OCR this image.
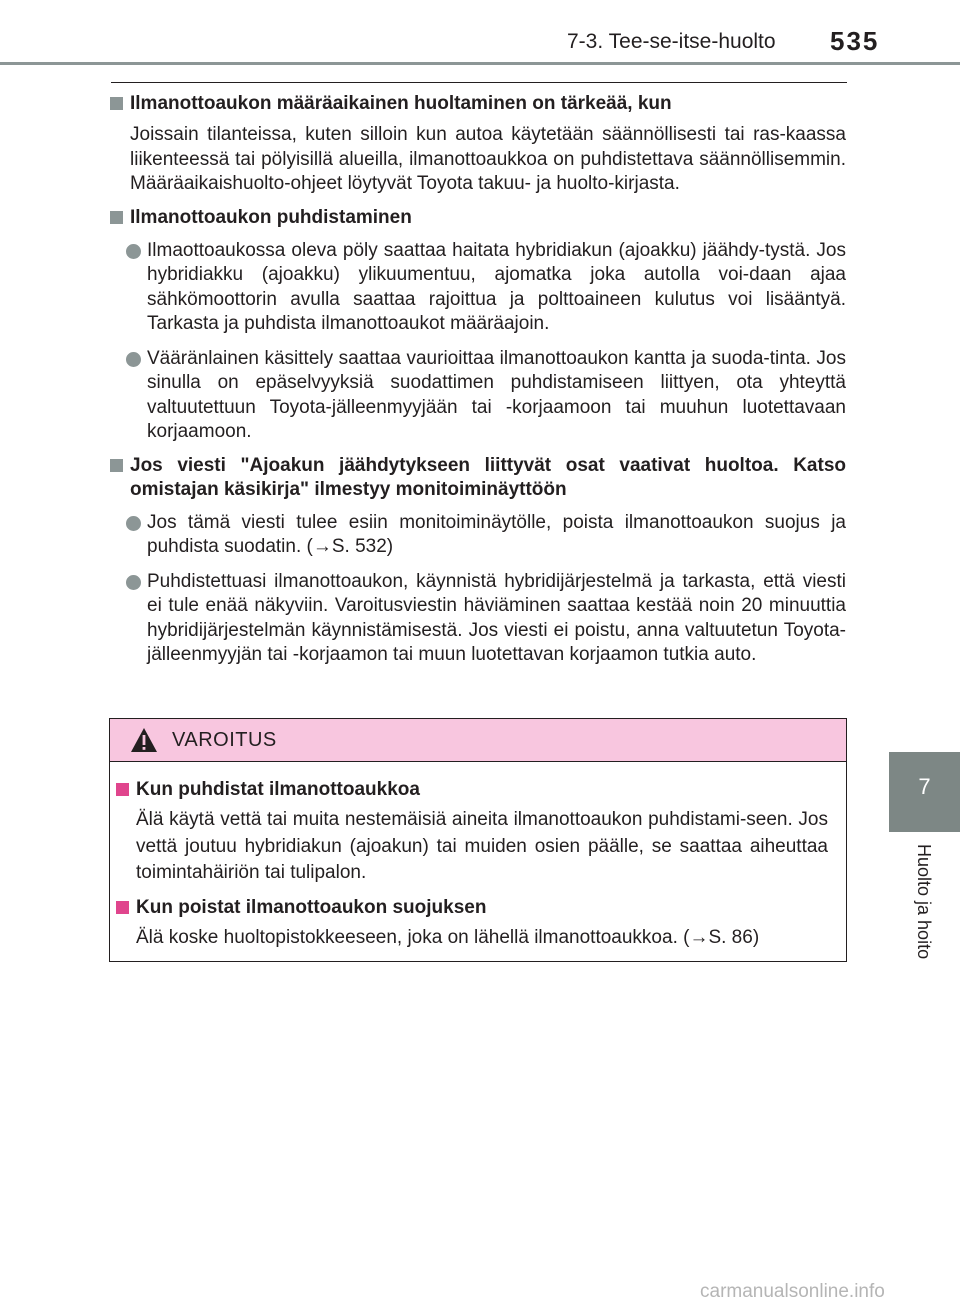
7-3. Tee-se-itse-huolto 535
7
Huolto ja hoito
Ilmanottoaukon määräaikainen huoltaminen on tärkeää, kun

Joissain tilanteissa, kuten silloin kun autoa käytetään säännöllisesti tai ras-kaassa liikenteessä tai pölyisillä alueilla, ilmanottoaukkoa on puhdistettava säännöllisemmin. Määräaikaishuolto-ohjeet löytyvät Toyota takuu- ja huolto-kirjasta.

Ilmanottoaukon puhdistaminen
Ilmaottoaukossa oleva pöly saattaa haitata hybridiakun (ajoakku) jäähdy-tystä. Jos hybridiakku (ajoakku) ylikuumentuu, ajomatka joka autolla voi-daan ajaa sähkömoottorin avulla saattaa rajoittua ja polttoaineen kulutus voi lisääntyä. Tarkasta ja puhdista ilmanottoaukot määräajoin.
Vääränlainen käsittely saattaa vaurioittaa ilmanottoaukon kantta ja suoda-tinta. Jos sinulla on epäselvyyksiä suodattimen puhdistamiseen liittyen, ota yhteyttä valtuutettuun Toyota-jälleenmyyjään tai -korjaamoon tai muuhun luotettavaan korjaamoon.
Jos viesti "Ajoakun jäähdytykseen liittyvät osat vaativat huoltoa. Katso omistajan käsikirja" ilmestyy monitoiminäyttöön
Jos tämä viesti tulee esiin monitoiminäytölle, poista ilmanottoaukon suojus ja puhdista suodatin. (→S. 532)
Puhdistettuasi ilmanottoaukon, käynnistä hybridijärjestelmä ja tarkasta, että viesti ei tule enää näkyviin. Varoitusviestin häviäminen saattaa kestää noin 20 minuuttia hybridijärjestelmän käynnistämisestä. Jos viesti ei poistu, anna valtuutetun Toyota-jälleenmyyjän tai -korjaamon tai muun luotettavan korjaamon tutkia auto.
VAROITUS
Kun puhdistat ilmanottoaukkoa

Älä käytä vettä tai muita nestemäisiä aineita ilmanottoaukon puhdistami-seen. Jos vettä joutuu hybridiakun (ajoakun) tai muiden osien päälle, se saattaa aiheuttaa toimintahäiriön tai tulipalon.

Kun poistat ilmanottoaukon suojuksen

Älä koske huoltopistokkeeseen, joka on lähellä ilmanottoaukkoa. (→S. 86)

carmanualsonline.info
